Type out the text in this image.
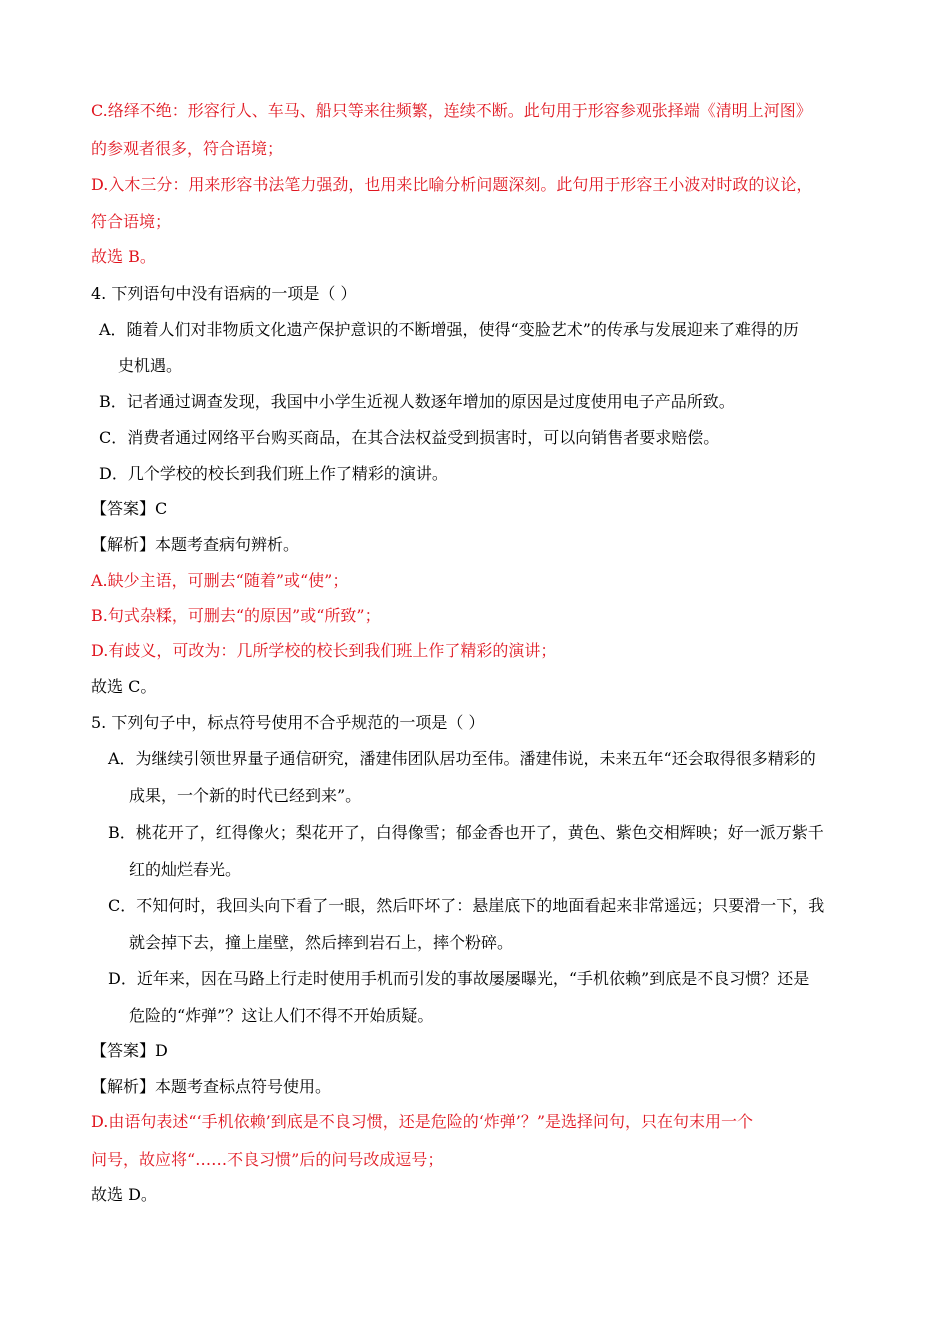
C.络绎不绝：形容行人、车马、船只等来往频繁，连续不断。此句用于形容参观张择端《清明上河图》
的参观者很多，符合语境；
D.入木三分：用来形容书法笔力强劲，也用来比喻分析问题深刻。此句用于形容王小波对时政的议论，
符合语境；
故选 B。
4. 下列语句中没有语病的一项是（ ）
A．随着人们对非物质文化遗产保护意识的不断增强，使得“变脸艺术”的传承与发展迎来了难得的历
史机遇。
B．记者通过调查发现，我国中小学生近视人数逐年增加的原因是过度使用电子产品所致。
C．消费者通过网络平台购买商品，在其合法权益受到损害时，可以向销售者要求赔偿。
D．几个学校的校长到我们班上作了精彩的演讲。
【答案】C
【解析】本题考查病句辨析。
A.缺少主语，可删去“随着”或“使”；
B.句式杂糅，可删去“的原因”或“所致”；
D.有歧义，可改为：几所学校的校长到我们班上作了精彩的演讲；
故选 C。
5. 下列句子中，标点符号使用不合乎规范的一项是（ ）
A．为继续引领世界量子通信研究，潘建伟团队居功至伟。潘建伟说，未来五年“还会取得很多精彩的
成果，一个新的时代已经到来”。
B．桃花开了，红得像火；梨花开了，白得像雪；郁金香也开了，黄色、紫色交相辉映；好一派万紫千
红的灿烂春光。
C．不知何时，我回头向下看了一眼，然后吓坏了：悬崖底下的地面看起来非常遥远；只要滑一下，我
就会掉下去，撞上崖壁，然后摔到岩石上，摔个粉碎。
D．近年来，因在马路上行走时使用手机而引发的事故屡屡曝光，“手机依赖”到底是不良习惯？还是
危险的“炸弹”？这让人们不得不开始质疑。
【答案】D
【解析】本题考查标点符号使用。
D.由语句表述“‘手机依赖’到底是不良习惯，还是危险的‘炸弹’？”是选择问句，只在句末用一个
问号，故应将“……不良习惯”后的问号改成逗号；
故选 D。
